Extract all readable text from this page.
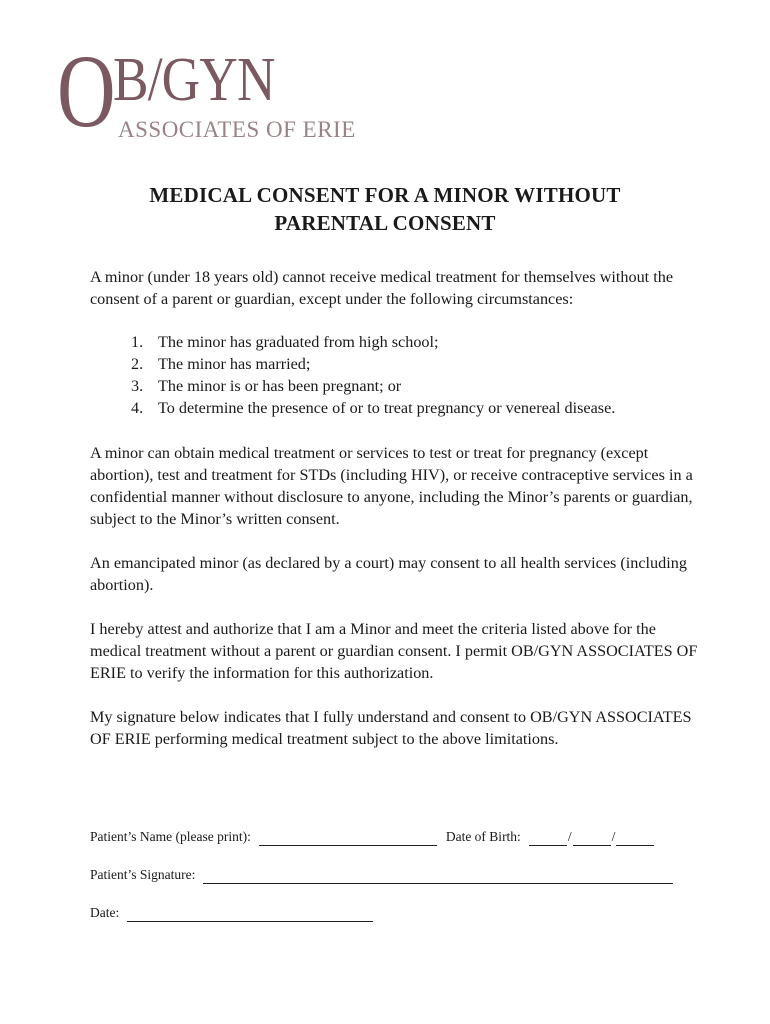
O B/GYN
ASSOCIATES OF ERIE
MEDICAL CONSENT FOR A MINOR WITHOUT
PARENTAL CONSENT

A minor (under 18 years old) cannot receive medical treatment for themselves without the consent of a parent or guardian, except under the following circumstances:

1. The minor has graduated from high school;
2. The minor has married;
3. The minor is or has been pregnant; or
4. To determine the presence of or to treat pregnancy or venereal disease.

A minor can obtain medical treatment or services to test or treat for pregnancy (except abortion), test and treatment for STDs (including HIV), or receive contraceptive services in a confidential manner without disclosure to anyone, including the Minor’s parents or guardian, subject to the Minor’s written consent.

An emancipated minor (as declared by a court) may consent to all health services (including abortion).

I hereby attest and authorize that I am a Minor and meet the criteria listed above for the medical treatment without a parent or guardian consent. I permit OB/GYN ASSOCIATES OF ERIE to verify the information for this authorization.

My signature below indicates that I fully understand and consent to OB/GYN ASSOCIATES OF ERIE performing medical treatment subject to the above limitations.

Patient’s Name (please print):	Date of Birth:	/	/
Patient’s Signature:
Date:
